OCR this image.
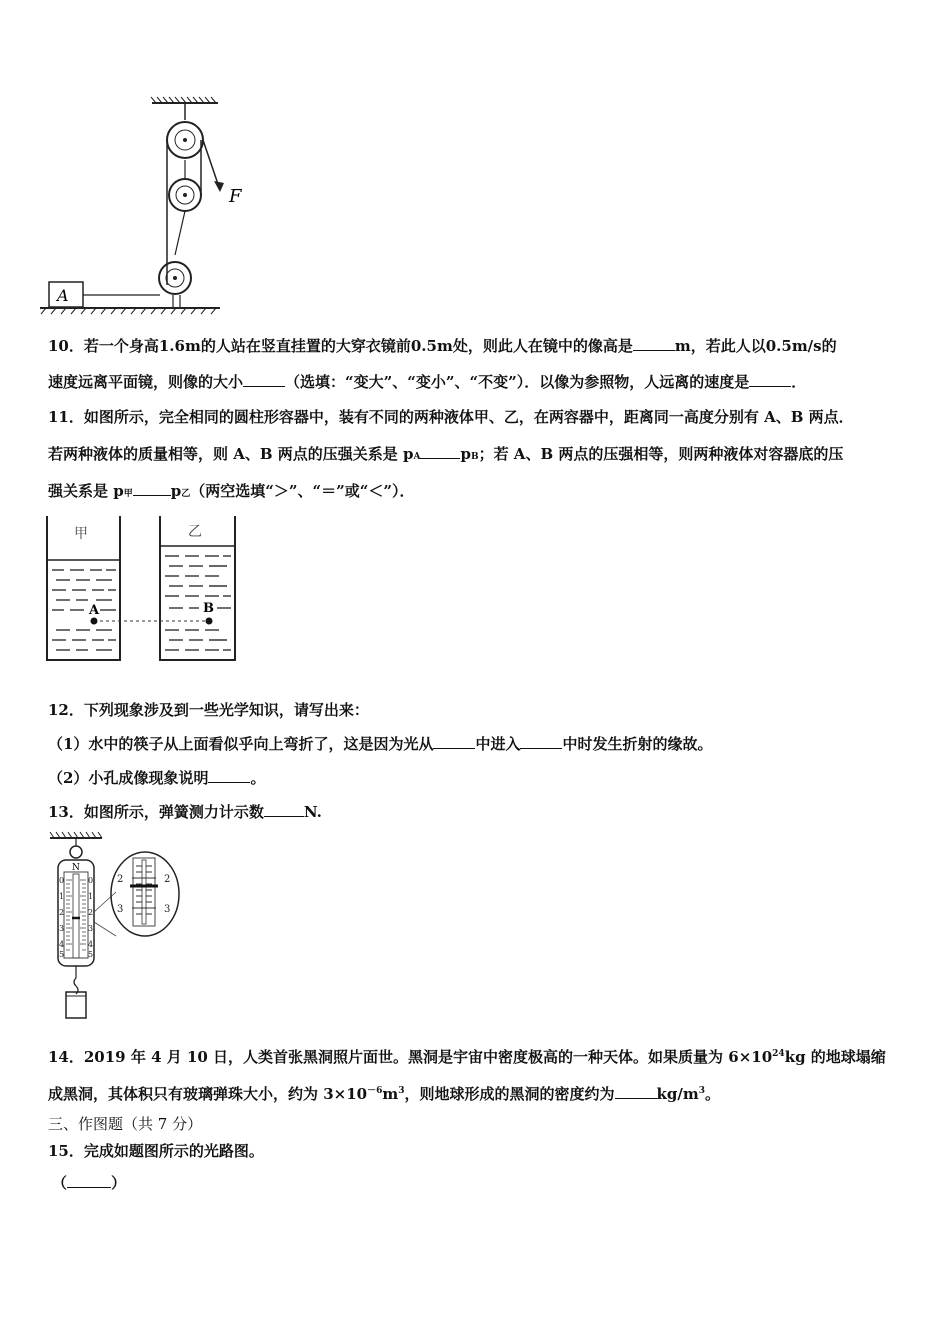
A
F
10．若一个身高1.6m的人站在竖直挂置的大穿衣镜前0.5m处，则此人在镜中的像高是	m，若此人以0.5m/s的
速度远离平面镜，则像的大小	（选填：“变大”、“变小”、“不变”）．以像为参照物，人远离的速度是	．
11．如图所示，完全相同的圆柱形容器中，装有不同的两种液体甲、乙，在两容器中，距离同一高度分别有 A、B 两点．
若两种液体的质量相等，则 A、B 两点的压强关系是 pA	pB；若 A、B 两点的压强相等，则两种液体对容器底的压
强关系是 p甲	p乙（两空选填“＞”、“＝”或“＜”）．
甲	乙
A	B
12．下列现象涉及到一些光学知识，请写出来：
（1）水中的筷子从上面看似乎向上弯折了，这是因为光从	中进入	中时发生折射的缘故。
（2）小孔成像现象说明	。
13．如图所示，弹簧测力计示数	N.
N
0
1
2
3
4
5
0
1
2
3
4
5
2
3
2
3
14．2019 年 4 月 10 日，人类首张黑洞照片面世。黑洞是宇宙中密度极高的一种天体。如果质量为 $6\times 10^{24}kg$ 的地球塌缩
成黑洞，其体积只有玻璃弹珠大小，约为 $3\times 10^{-6}m^3$，则地球形成的黑洞的密度约为	$kg/m^3$。
三、作图题（共 7 分）
15．完成如题图所示的光路图。
（	）
